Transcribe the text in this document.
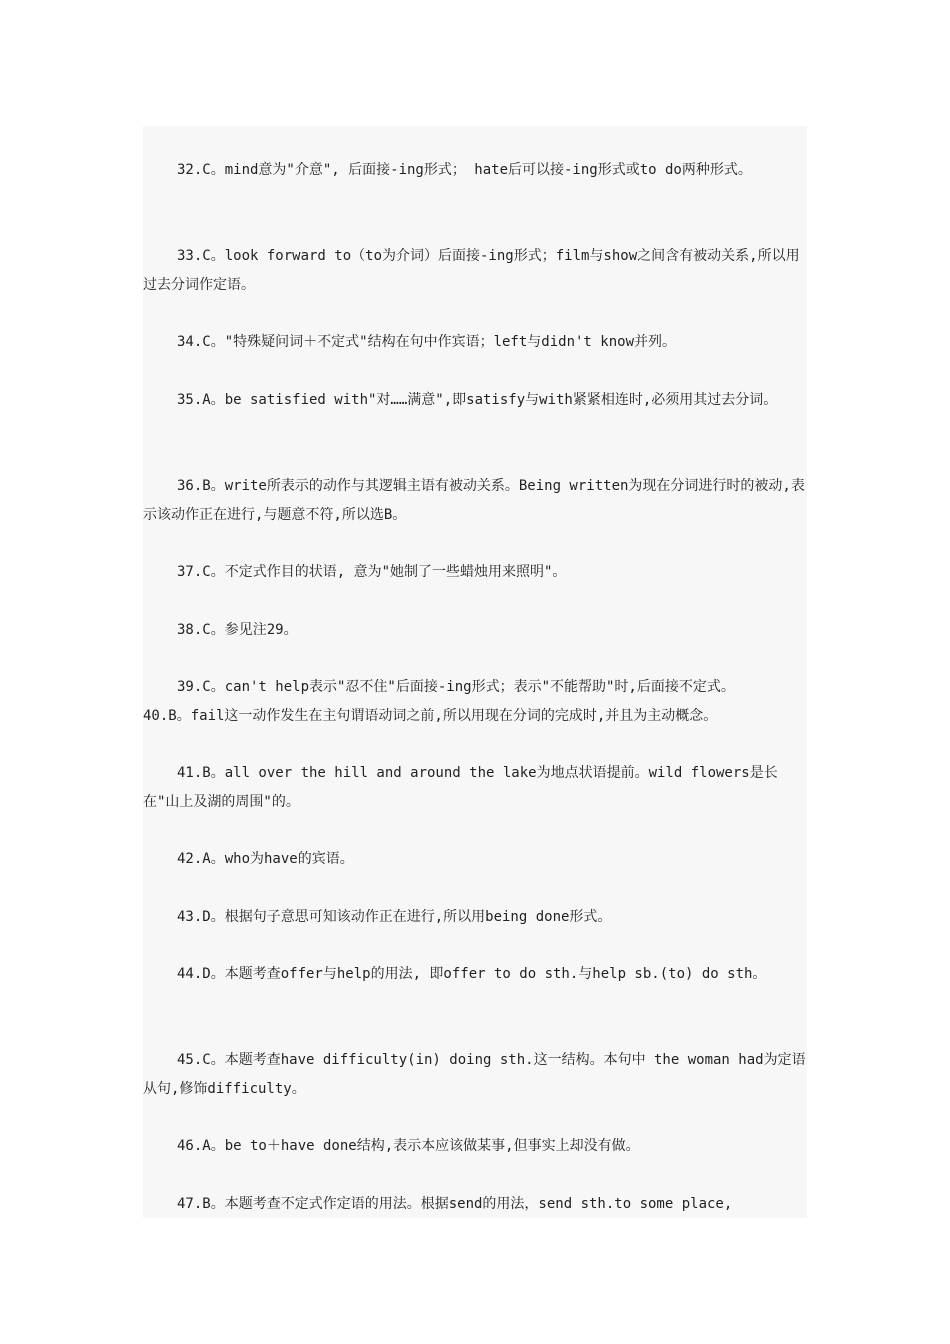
32.C。mind意为"介意", 后面接-ing形式； hate后可以接-ing形式或to do两种形式。

33.C。look forward to（to为介词）后面接-ing形式；film与show之间含有被动关系,所以用过去分词作定语。

34.C。"特殊疑问词＋不定式"结构在句中作宾语；left与didn't know并列。

35.A。be satisfied with"对……满意",即satisfy与with紧紧相连时,必须用其过去分词。

36.B。write所表示的动作与其逻辑主语有被动关系。Being written为现在分词进行时的被动,表示该动作正在进行,与题意不符,所以选B。

37.C。不定式作目的状语, 意为"她制了一些蜡烛用来照明"。

38.C。参见注29。

39.C。can't help表示"忍不住"后面接-ing形式；表示"不能帮助"时,后面接不定式。

40.B。fail这一动作发生在主句谓语动词之前,所以用现在分词的完成时,并且为主动概念。

41.B。all over the hill and around the lake为地点状语提前。wild flowers是长在"山上及湖的周围"的。

42.A。who为have的宾语。

43.D。根据句子意思可知该动作正在进行,所以用being done形式。

44.D。本题考查offer与help的用法, 即offer to do sth.与help sb.(to) do sth。

45.C。本题考查have difficulty(in) doing sth.这一结构。本句中 the woman had为定语从句,修饰difficulty。

46.A。be to＋have done结构,表示本应该做某事,但事实上却没有做。

47.B。本题考查不定式作定语的用法。根据send的用法，send sth.to some place,
